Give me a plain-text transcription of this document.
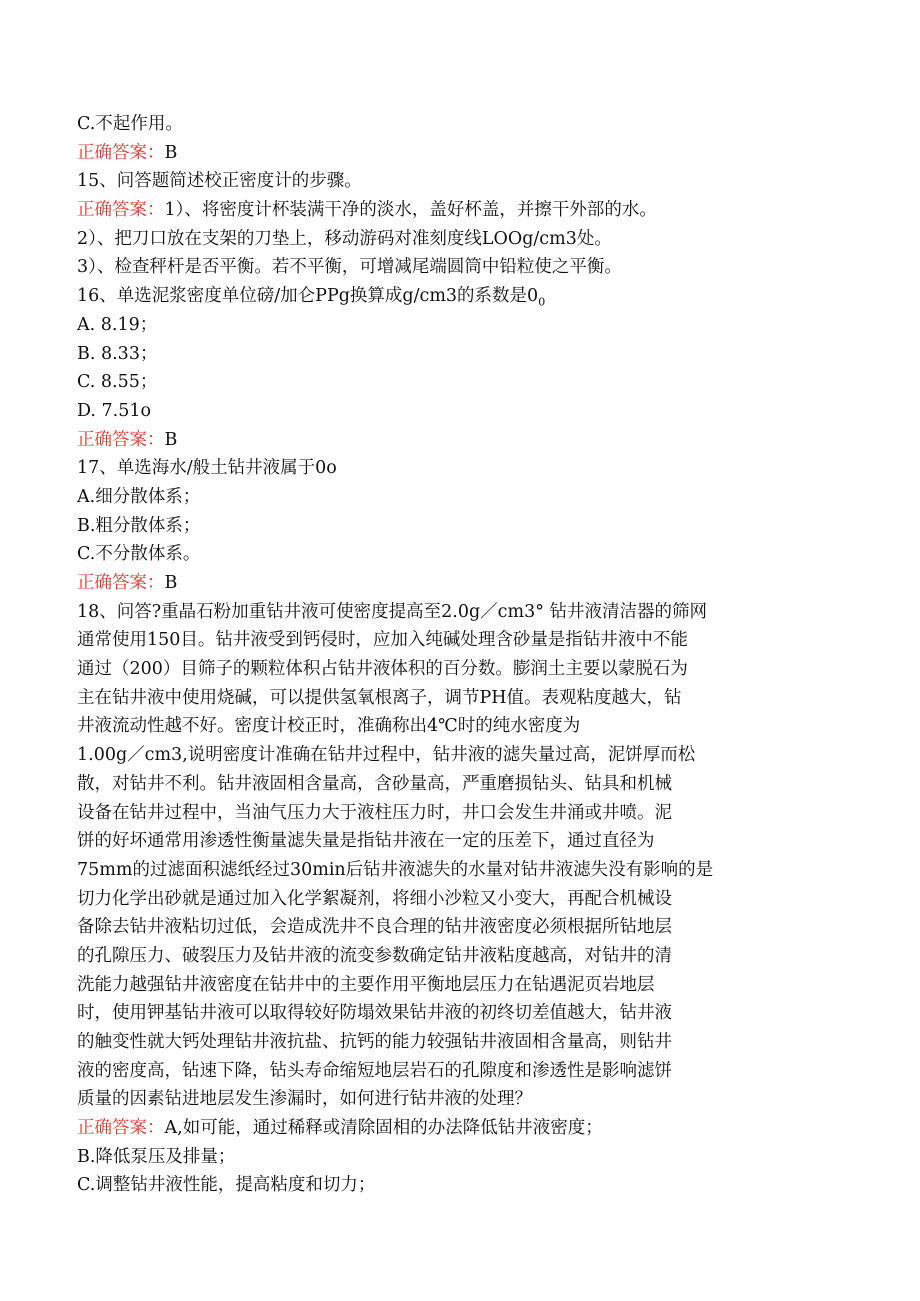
C.不起作用。
正确答案：B
15、问答题简述校正密度计的步骤。
正确答案：1）、将密度计杯装满干净的淡水，盖好杯盖，并擦干外部的水。
2）、把刀口放在支架的刀垫上，移动游码对准刻度线LOOg/cm3处。
3）、检查秤杆是否平衡。若不平衡，可增减尾端圆筒中铅粒使之平衡。
16、单选泥浆密度单位磅/加仑PPg换算成g/cm3的系数是$0_0$
A. 8.19；
B. 8.33；
C. 8.55；
D. 7.51o
正确答案：B
17、单选海水/般土钻井液属于0o
A.细分散体系；
B.粗分散体系；
C.不分散体系。
正确答案：B
18、问答?重晶石粉加重钻井液可使密度提高至2.0g／cm3° 钻井液清洁器的筛网
通常使用150目。钻井液受到钙侵时，应加入纯碱处理含砂量是指钻井液中不能
通过（200）目筛子的颗粒体积占钻井液体积的百分数。膨润土主要以蒙脱石为
主在钻井液中使用烧碱，可以提供氢氧根离子，调节PH值。表观粘度越大，钻
井液流动性越不好。密度计校正时，准确称出4℃时的纯水密度为
1.00g／cm3,说明密度计准确在钻井过程中，钻井液的滤失量过高，泥饼厚而松
散，对钻井不利。钻井液固相含量高，含砂量高，严重磨损钻头、钻具和机械
设备在钻井过程中，当油气压力大于液柱压力时，井口会发生井涌或井喷。泥
饼的好坏通常用渗透性衡量滤失量是指钻井液在一定的压差下，通过直径为
75mm的过滤面积滤纸经过30min后钻井液滤失的水量对钻井液滤失没有影响的是
切力化学出砂就是通过加入化学絮凝剂，将细小沙粒又小变大，再配合机械设
备除去钻井液粘切过低，会造成洗井不良合理的钻井液密度必须根据所钻地层
的孔隙压力、破裂压力及钻井液的流变参数确定钻井液粘度越高，对钻井的清
洗能力越强钻井液密度在钻井中的主要作用平衡地层压力在钻遇泥页岩地层
时，使用钾基钻井液可以取得较好防塌效果钻井液的初终切差值越大，钻井液
的触变性就大钙处理钻井液抗盐、抗钙的能力较强钻井液固相含量高，则钻井
液的密度高，钻速下降，钻头寿命缩短地层岩石的孔隙度和渗透性是影响滤饼
质量的因素钻进地层发生渗漏时，如何进行钻井液的处理？
正确答案：A,如可能，通过稀释或清除固相的办法降低钻井液密度；
B.降低泵压及排量；
C.调整钻井液性能，提高粘度和切力；
